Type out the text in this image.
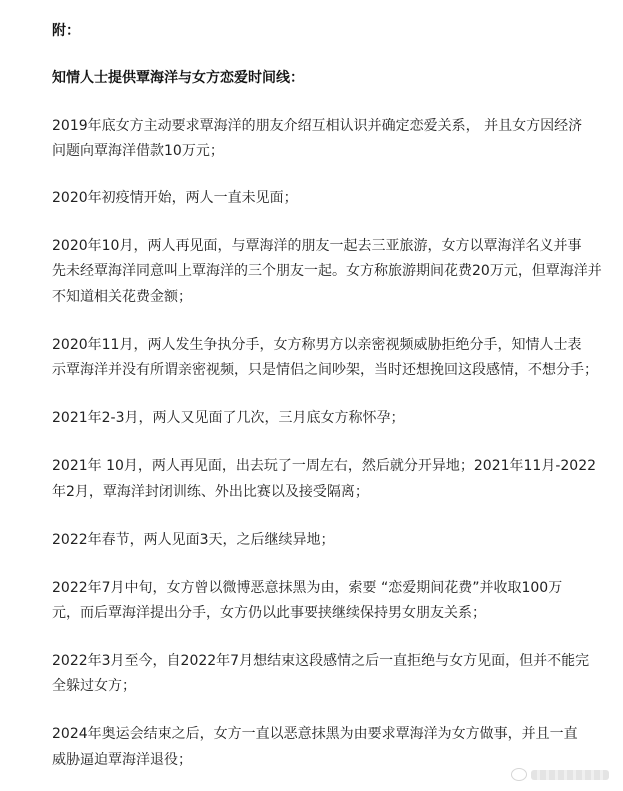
附：
知情人士提供覃海洋与女方恋爱时间线：
2019年底女方主动要求覃海洋的朋友介绍互相认识并确定恋爱关系， 并且女方因经济
问题向覃海洋借款10万元；
2020年初疫情开始，两人一直未见面；
2020年10月，两人再见面，与覃海洋的朋友一起去三亚旅游，女方以覃海洋名义并事
先未经覃海洋同意叫上覃海洋的三个朋友一起。女方称旅游期间花费20万元，但覃海洋并
不知道相关花费金额；
2020年11月，两人发生争执分手，女方称男方以亲密视频威胁拒绝分手，知情人士表
示覃海洋并没有所谓亲密视频，只是情侣之间吵架，当时还想挽回这段感情，不想分手；
2021年2-3月，两人又见面了几次，三月底女方称怀孕；
2021年 10月，两人再见面，出去玩了一周左右，然后就分开异地；2021年11月-2022
年2月，覃海洋封闭训练、外出比赛以及接受隔离；
2022年春节，两人见面3天，之后继续异地；
2022年7月中旬，女方曾以微博恶意抹黑为由，索要 “恋爱期间花费”并收取100万
元，而后覃海洋提出分手，女方仍以此事要挟继续保持男女朋友关系；
2022年3月至今，自2022年7月想结束这段感情之后一直拒绝与女方见面，但并不能完
全躲过女方；
2024年奥运会结束之后，女方一直以恶意抹黑为由要求覃海洋为女方做事，并且一直
威胁逼迫覃海洋退役；
